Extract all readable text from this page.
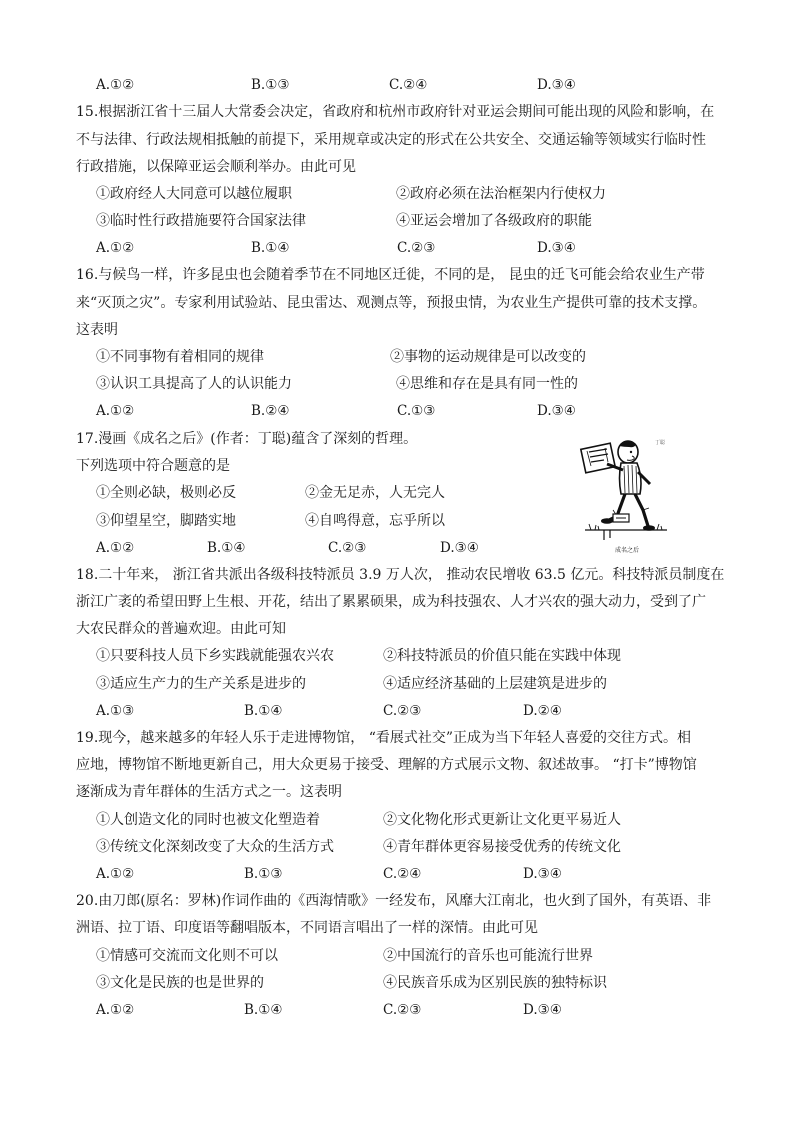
A.①②	B.①③	C.②④	D.③④
15.根据浙江省十三届人大常委会决定，省政府和杭州市政府针对亚运会期间可能出现的风险和影响，在
不与法律、行政法规相抵触的前提下，采用规章或决定的形式在公共安全、交通运输等领域实行临时性
行政措施，以保障亚运会顺利举办。由此可见
①政府经人大同意可以越位履职	②政府必须在法治框架内行使权力
③临时性行政措施要符合国家法律	④亚运会增加了各级政府的职能
A.①②	B.①④	C.②③	D.③④
16.与候鸟一样，许多昆虫也会随着季节在不同地区迁徙，不同的是， 昆虫的迁飞可能会给农业生产带
来“灭顶之灾”。专家利用试验站、昆虫雷达、观测点等，预报虫情，为农业生产提供可靠的技术支撑。
这表明
①不同事物有着相同的规律	②事物的运动规律是可以改变的
③认识工具提高了人的认识能力	④思维和存在是具有同一性的
A.①②	B.②④	C.①③	D.③④
17.漫画《成名之后》(作者：丁聪)蕴含了深刻的哲理。
下列选项中符合题意的是
①全则必缺，极则必反	②金无足赤，人无完人
③仰望星空，脚踏实地	④自鸣得意，忘乎所以
A.①②	B.①④	C.②③	D.③④
丁聪
成名之后
18.二十年来， 浙江省共派出各级科技特派员 3.9 万人次， 推动农民增收 63.5 亿元。科技特派员制度在
浙江广袤的希望田野上生根、开花，结出了累累硕果，成为科技强农、人才兴农的强大动力，受到了广
大农民群众的普遍欢迎。由此可知
①只要科技人员下乡实践就能强农兴农	②科技特派员的价值只能在实践中体现
③适应生产力的生产关系是进步的	④适应经济基础的上层建筑是进步的
A.①③	B.①④	C.②③	D.②④
19.现今，越来越多的年轻人乐于走进博物馆， “看展式社交”正成为当下年轻人喜爱的交往方式。相
应地，博物馆不断地更新自己，用大众更易于接受、理解的方式展示文物、叙述故事。 “打卡”博物馆
逐渐成为青年群体的生活方式之一。这表明
①人创造文化的同时也被文化塑造着	②文化物化形式更新让文化更平易近人
③传统文化深刻改变了大众的生活方式	④青年群体更容易接受优秀的传统文化
A.①②	B.①③	C.②④	D.③④
20.由刀郎(原名：罗林)作词作曲的《西海情歌》一经发布，风靡大江南北，也火到了国外，有英语、非
洲语、拉丁语、印度语等翻唱版本，不同语言唱出了一样的深情。由此可见
①情感可交流而文化则不可以	②中国流行的音乐也可能流行世界
③文化是民族的也是世界的	④民族音乐成为区别民族的独特标识
A.①②	B.①④	C.②③	D.③④
